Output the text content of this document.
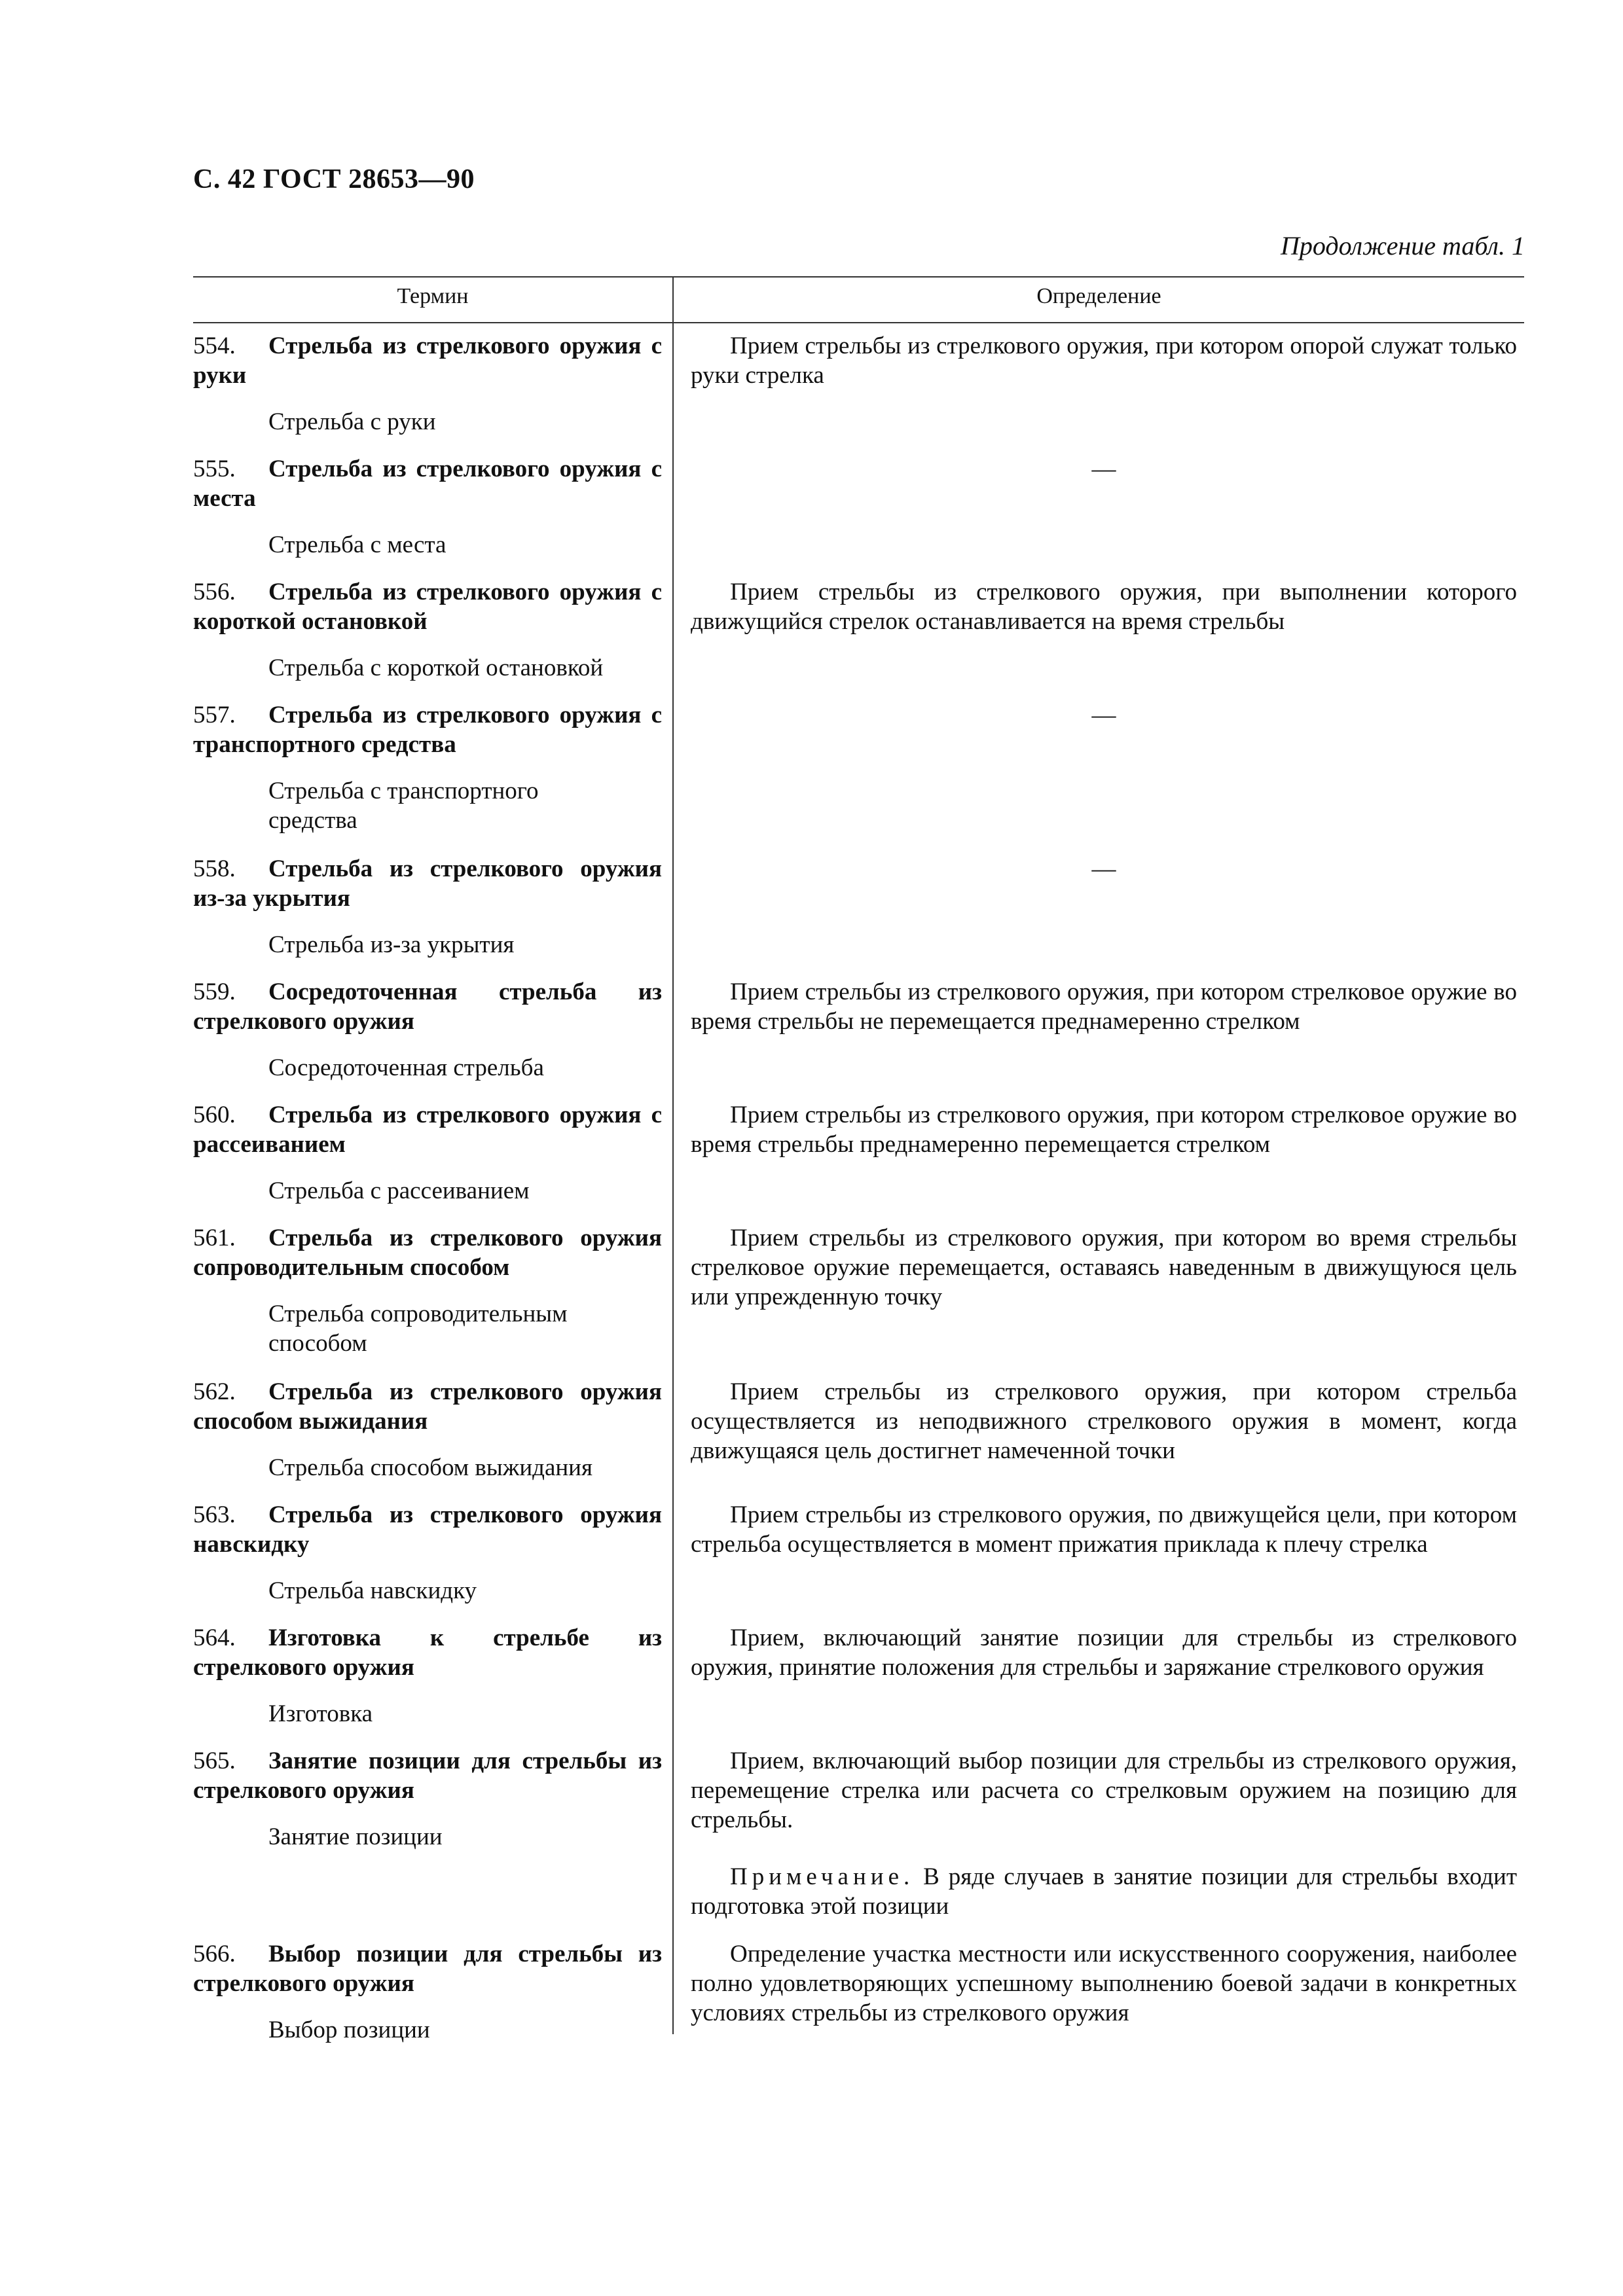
С. 42 ГОСТ 28653—90
Продолжение табл. 1
Термин	Определение
554. Стрельба из стрелкового оружия с руки
Стрельба с руки
Прием стрельбы из стрелкового оружия, при котором опорой служат только руки стрелка
555. Стрельба из стрелкового оружия с места
Стрельба с места
—
556. Стрельба из стрелкового оружия с короткой остановкой
Стрельба с короткой остановкой
Прием стрельбы из стрелкового оружия, при выполнении которого движущийся стрелок останавливается на время стрельбы
557. Стрельба из стрелкового оружия с транспортного средства
Стрельба с транспортного средства
—
558. Стрельба из стрелкового оружия из-за укрытия
Стрельба из-за укрытия
—
559. Сосредоточенная стрельба из стрелкового оружия
Сосредоточенная стрельба
Прием стрельбы из стрелкового оружия, при котором стрелковое оружие во время стрельбы не перемещается преднамеренно стрелком
560. Стрельба из стрелкового оружия с рассеиванием
Стрельба с рассеиванием
Прием стрельбы из стрелкового оружия, при котором стрелковое оружие во время стрельбы преднамеренно перемещается стрелком
561. Стрельба из стрелкового оружия сопроводительным способом
Стрельба сопроводительным способом
Прием стрельбы из стрелкового оружия, при котором во время стрельбы стрелковое оружие перемещается, оставаясь наведенным в движущуюся цель или упрежденную точку
562. Стрельба из стрелкового оружия способом выжидания
Стрельба способом выжидания
Прием стрельбы из стрелкового оружия, при котором стрельба осуществляется из неподвижного стрелкового оружия в момент, когда движущаяся цель достигнет намеченной точки
563. Стрельба из стрелкового оружия навскидку
Стрельба навскидку
Прием стрельбы из стрелкового оружия, по движущейся цели, при котором стрельба осуществляется в момент прижатия приклада к плечу стрелка
564. Изготовка к стрельбе из стрелкового оружия
Изготовка
Прием, включающий занятие позиции для стрельбы из стрелкового оружия, принятие положения для стрельбы и заряжание стрелкового оружия
565. Занятие позиции для стрельбы из стрелкового оружия
Занятие позиции
Прием, включающий выбор позиции для стрельбы из стрелкового оружия, перемещение стрелка или расчета со стрелковым оружием на позицию для стрельбы.
Примечание. В ряде случаев в занятие позиции для стрельбы входит подготовка этой позиции
566. Выбор позиции для стрельбы из стрелкового оружия
Выбор позиции
Определение участка местности или искусственного сооружения, наиболее полно удовлетворяющих успешному выполнению боевой задачи в конкретных условиях стрельбы из стрелкового оружия
